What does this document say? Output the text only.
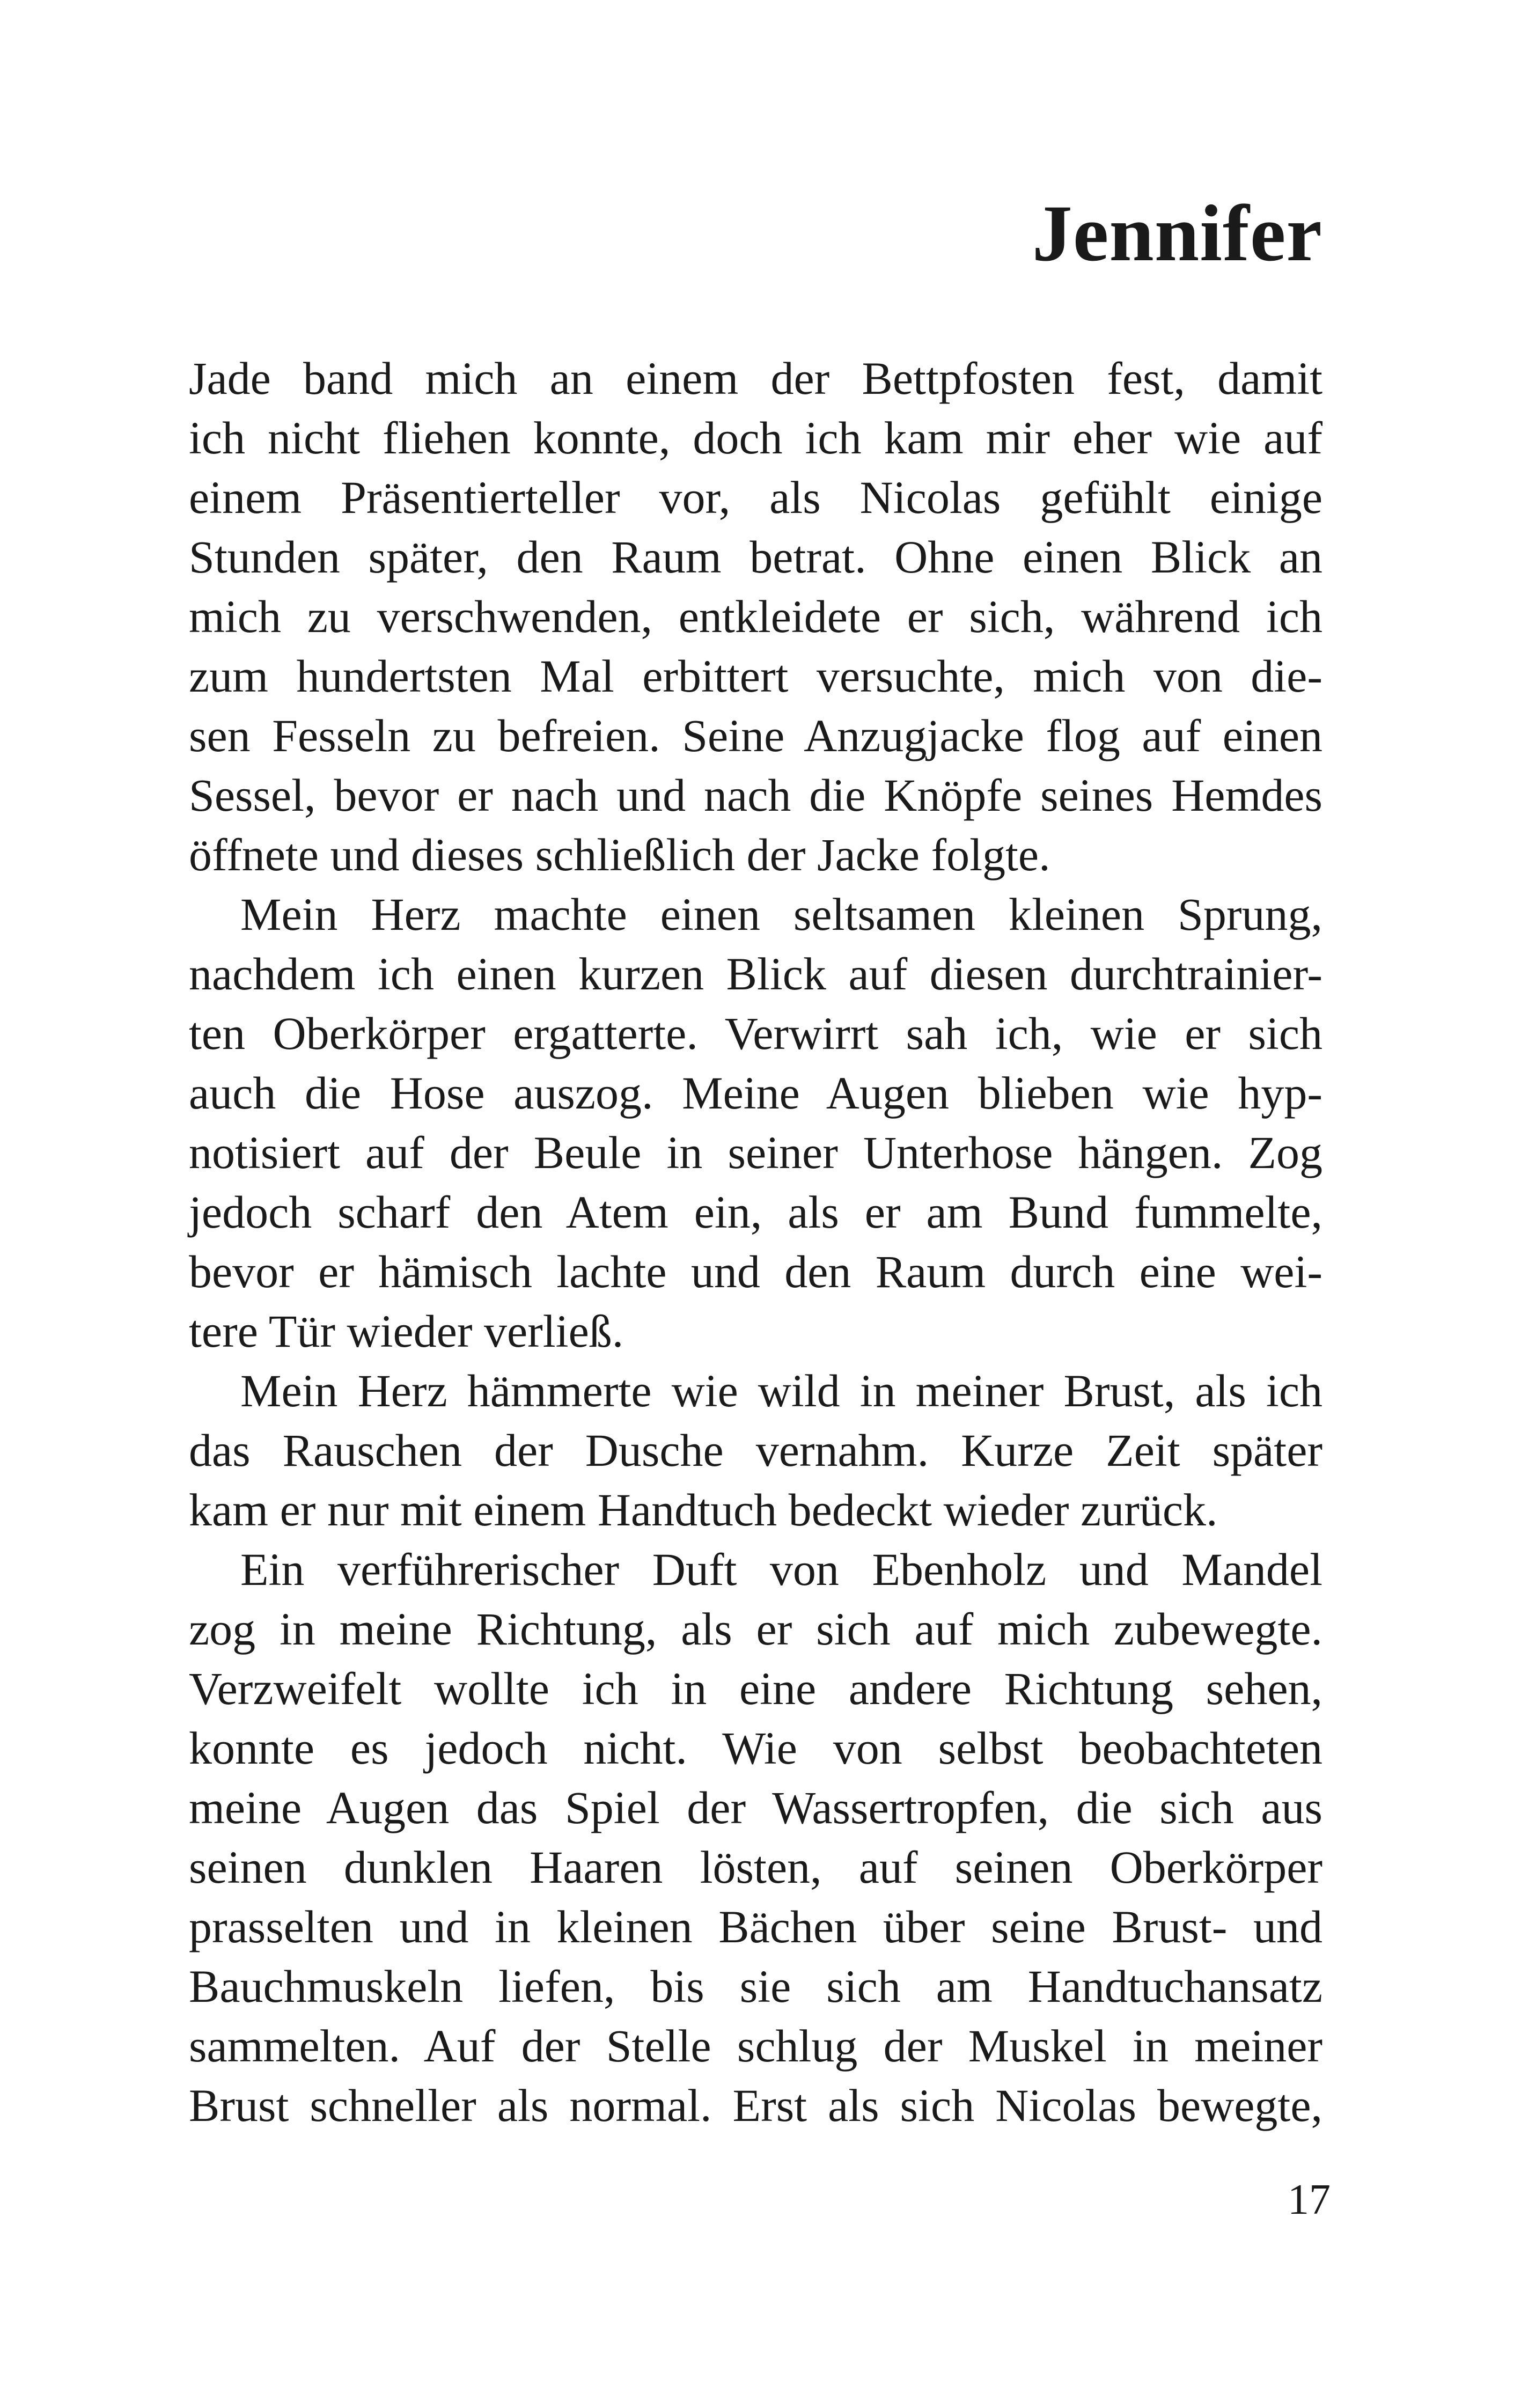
Jennifer
Jade band mich an einem der Bettpfosten fest, damit
ich nicht fliehen konnte, doch ich kam mir eher wie auf
einem Präsentierteller vor, als Nicolas gefühlt einige
Stunden später, den Raum betrat. Ohne einen Blick an
mich zu verschwenden, entkleidete er sich, während ich
zum hundertsten Mal erbittert versuchte, mich von die-
sen Fesseln zu befreien. Seine Anzugjacke flog auf einen
Sessel, bevor er nach und nach die Knöpfe seines Hemdes
öffnete und dieses schließlich der Jacke folgte.
Mein Herz machte einen seltsamen kleinen Sprung,
nachdem ich einen kurzen Blick auf diesen durchtrainier-
ten Oberkörper ergatterte. Verwirrt sah ich, wie er sich
auch die Hose auszog. Meine Augen blieben wie hyp-
notisiert auf der Beule in seiner Unterhose hängen. Zog
jedoch scharf den Atem ein, als er am Bund fummelte,
bevor er hämisch lachte und den Raum durch eine wei-
tere Tür wieder verließ.
Mein Herz hämmerte wie wild in meiner Brust, als ich
das Rauschen der Dusche vernahm. Kurze Zeit später
kam er nur mit einem Handtuch bedeckt wieder zurück.
Ein verführerischer Duft von Ebenholz und Mandel
zog in meine Richtung, als er sich auf mich zubewegte.
Verzweifelt wollte ich in eine andere Richtung sehen,
konnte es jedoch nicht. Wie von selbst beobachteten
meine Augen das Spiel der Wassertropfen, die sich aus
seinen dunklen Haaren lösten, auf seinen Oberkörper
prasselten und in kleinen Bächen über seine Brust- und
Bauchmuskeln liefen, bis sie sich am Handtuchansatz
sammelten. Auf der Stelle schlug der Muskel in meiner
Brust schneller als normal. Erst als sich Nicolas bewegte,
17
